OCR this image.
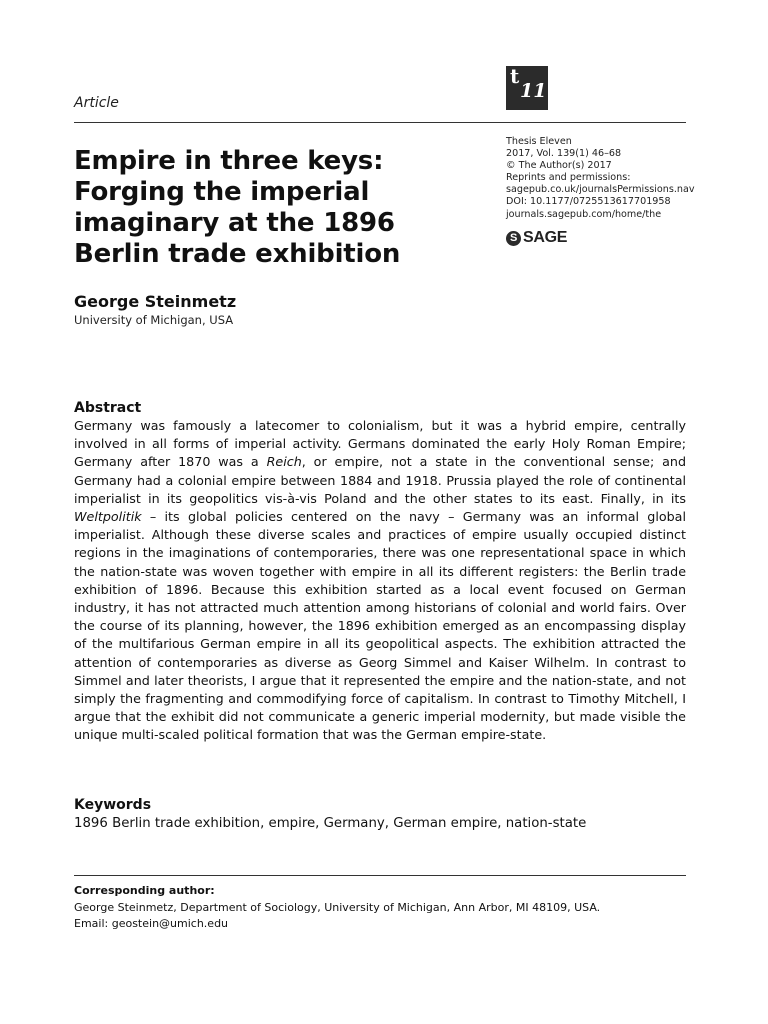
Article
t
11
Empire in three keys:
Forging the imperial
imaginary at the 1896
Berlin trade exhibition
Thesis Eleven
2017, Vol. 139(1) 46–68
© The Author(s) 2017
Reprints and permissions:
sagepub.co.uk/journalsPermissions.nav
DOI: 10.1177/0725513617701958
journals.sagepub.com/home/the
S SAGE
George Steinmetz
University of Michigan, USA
Abstract
Germany was famously a latecomer to colonialism, but it was a hybrid empire, centrally involved in all forms of imperial activity. Germans dominated the early Holy Roman Empire; Germany after 1870 was a Reich, or empire, not a state in the conventional sense; and Germany had a colonial empire between 1884 and 1918. Prussia played the role of continental imperialist in its geopolitics vis-à-vis Poland and the other states to its east. Finally, in its Weltpolitik – its global policies centered on the navy – Germany was an informal global imperialist. Although these diverse scales and practices of empire usually occupied distinct regions in the imaginations of contemporaries, there was one representational space in which the nation-state was woven together with empire in all its different registers: the Berlin trade exhibition of 1896. Because this exhibition started as a local event focused on German industry, it has not attracted much attention among historians of colonial and world fairs. Over the course of its planning, however, the 1896 exhibition emerged as an encompassing display of the multifarious German empire in all its geopolitical aspects. The exhibition attracted the attention of contemporaries as diverse as Georg Simmel and Kaiser Wilhelm. In contrast to Simmel and later theorists, I argue that it represented the empire and the nation-state, and not simply the fragmenting and commodifying force of capitalism. In contrast to Timothy Mitchell, I argue that the exhibit did not communicate a generic imperial modernity, but made visible the unique multi-scaled political formation that was the German empire-state.
Keywords
1896 Berlin trade exhibition, empire, Germany, German empire, nation-state
Corresponding author:
George Steinmetz, Department of Sociology, University of Michigan, Ann Arbor, MI 48109, USA.
Email: geostein@umich.edu
